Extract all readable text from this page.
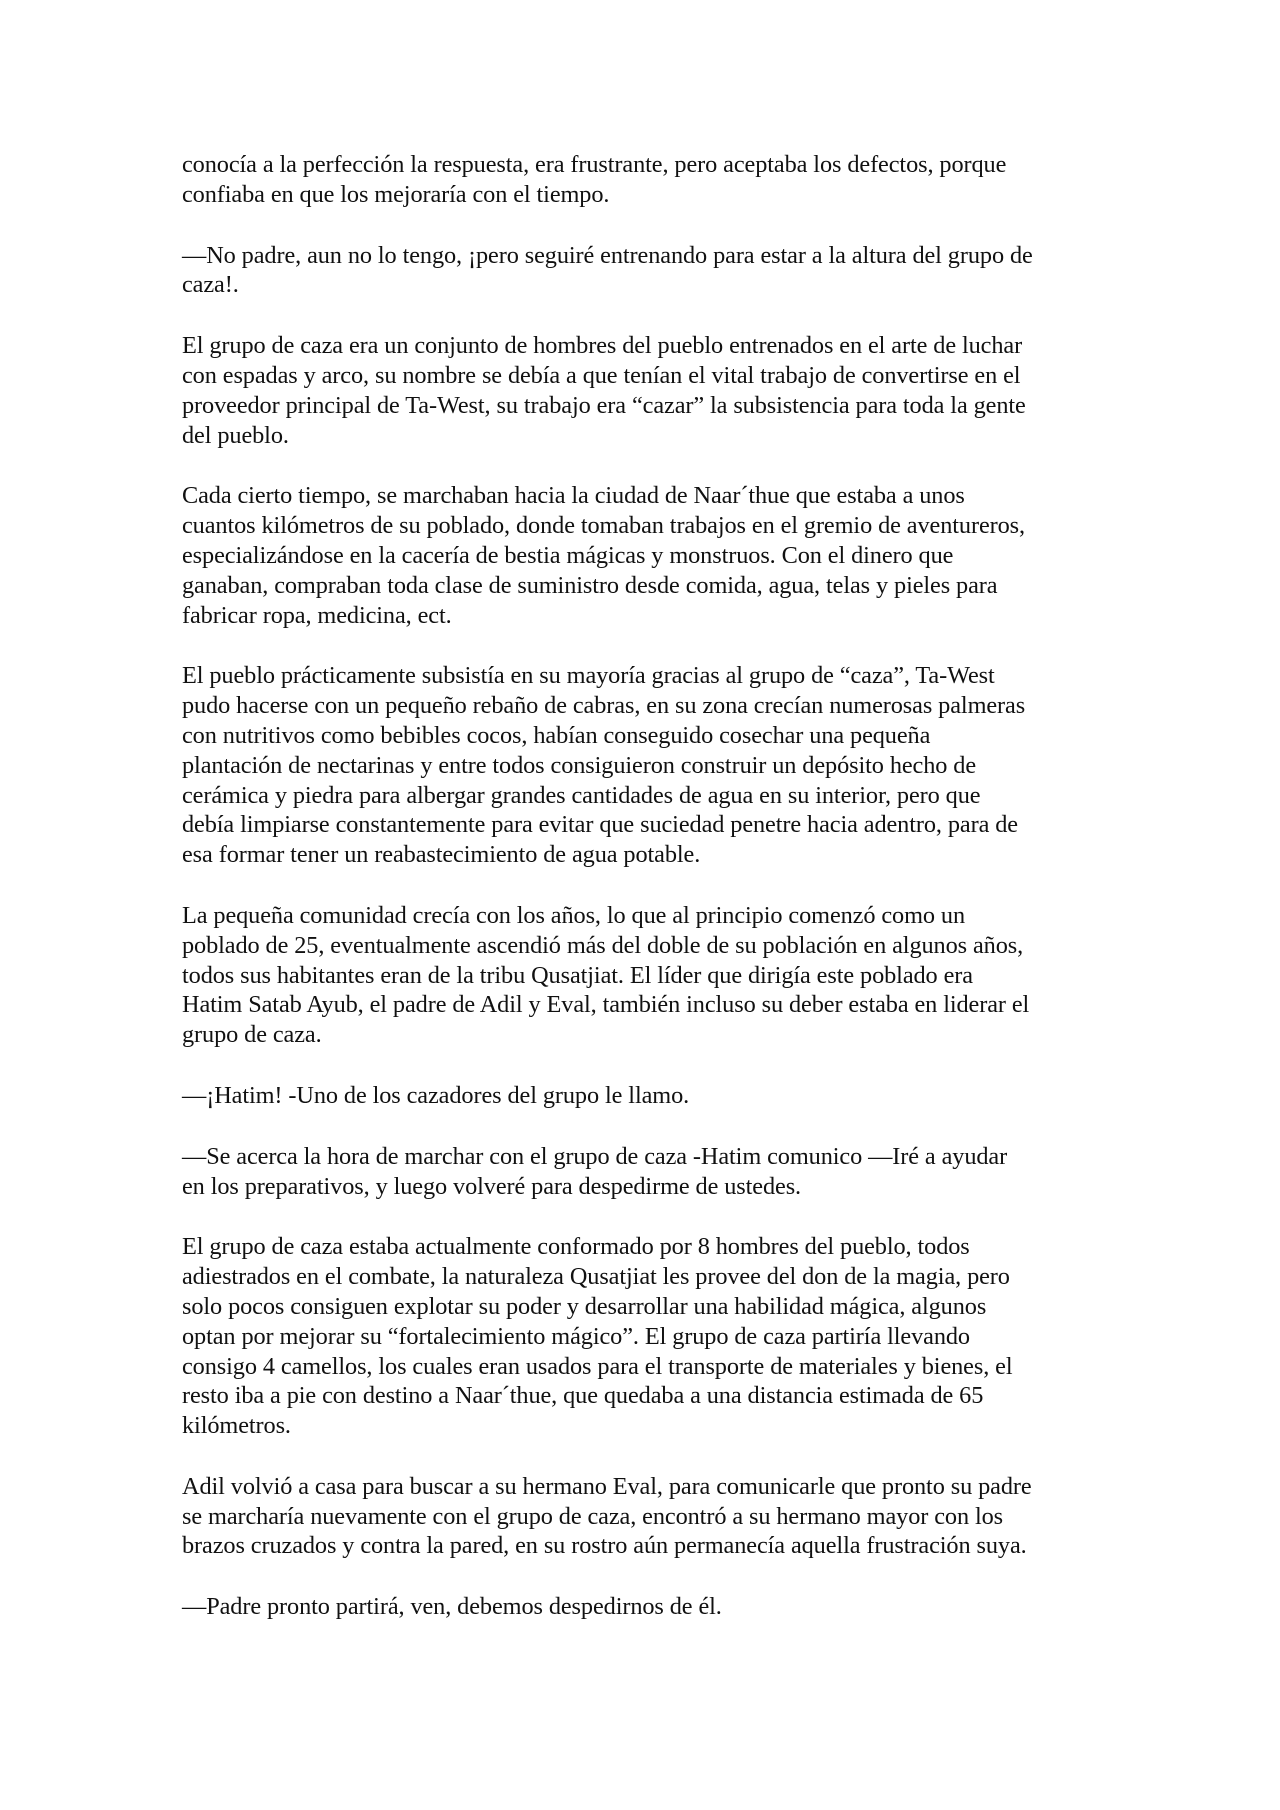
conocía a la perfección la respuesta, era frustrante, pero aceptaba los defectos, porque
confiaba en que los mejoraría con el tiempo.

—No padre, aun no lo tengo, ¡pero seguiré entrenando para estar a la altura del grupo de
caza!.

El grupo de caza era un conjunto de hombres del pueblo entrenados en el arte de luchar
con espadas y arco, su nombre se debía a que tenían el vital trabajo de convertirse en el
proveedor principal de Ta-West, su trabajo era “cazar” la subsistencia para toda la gente
del pueblo.

Cada cierto tiempo, se marchaban hacia la ciudad de Naar´thue que estaba a unos
cuantos kilómetros de su poblado, donde tomaban trabajos en el gremio de aventureros,
especializándose en la cacería de bestia mágicas y monstruos. Con el dinero que
ganaban, compraban toda clase de suministro desde comida, agua, telas y pieles para
fabricar ropa, medicina, ect.

El pueblo prácticamente subsistía en su mayoría gracias al grupo de “caza”, Ta-West
pudo hacerse con un pequeño rebaño de cabras, en su zona crecían numerosas palmeras
con nutritivos como bebibles cocos, habían conseguido cosechar una pequeña
plantación de nectarinas y entre todos consiguieron construir un depósito hecho de
cerámica y piedra para albergar grandes cantidades de agua en su interior, pero que
debía limpiarse constantemente para evitar que suciedad penetre hacia adentro, para de
esa formar tener un reabastecimiento de agua potable.

La pequeña comunidad crecía con los años, lo que al principio comenzó como un
poblado de 25, eventualmente ascendió más del doble de su población en algunos años,
todos sus habitantes eran de la tribu Qusatjiat. El líder que dirigía este poblado era
Hatim Satab Ayub, el padre de Adil y Eval, también incluso su deber estaba en liderar el
grupo de caza.

—¡Hatim! -Uno de los cazadores del grupo le llamo.

—Se acerca la hora de marchar con el grupo de caza -Hatim comunico —Iré a ayudar
en los preparativos, y luego volveré para despedirme de ustedes.

El grupo de caza estaba actualmente conformado por 8 hombres del pueblo, todos
adiestrados en el combate, la naturaleza Qusatjiat les provee del don de la magia, pero
solo pocos consiguen explotar su poder y desarrollar una habilidad mágica, algunos
optan por mejorar su “fortalecimiento mágico”. El grupo de caza partiría llevando
consigo 4 camellos, los cuales eran usados para el transporte de materiales y bienes, el
resto iba a pie con destino a Naar´thue, que quedaba a una distancia estimada de 65
kilómetros.

Adil volvió a casa para buscar a su hermano Eval, para comunicarle que pronto su padre
se marcharía nuevamente con el grupo de caza, encontró a su hermano mayor con los
brazos cruzados y contra la pared, en su rostro aún permanecía aquella frustración suya.

—Padre pronto partirá, ven, debemos despedirnos de él.
